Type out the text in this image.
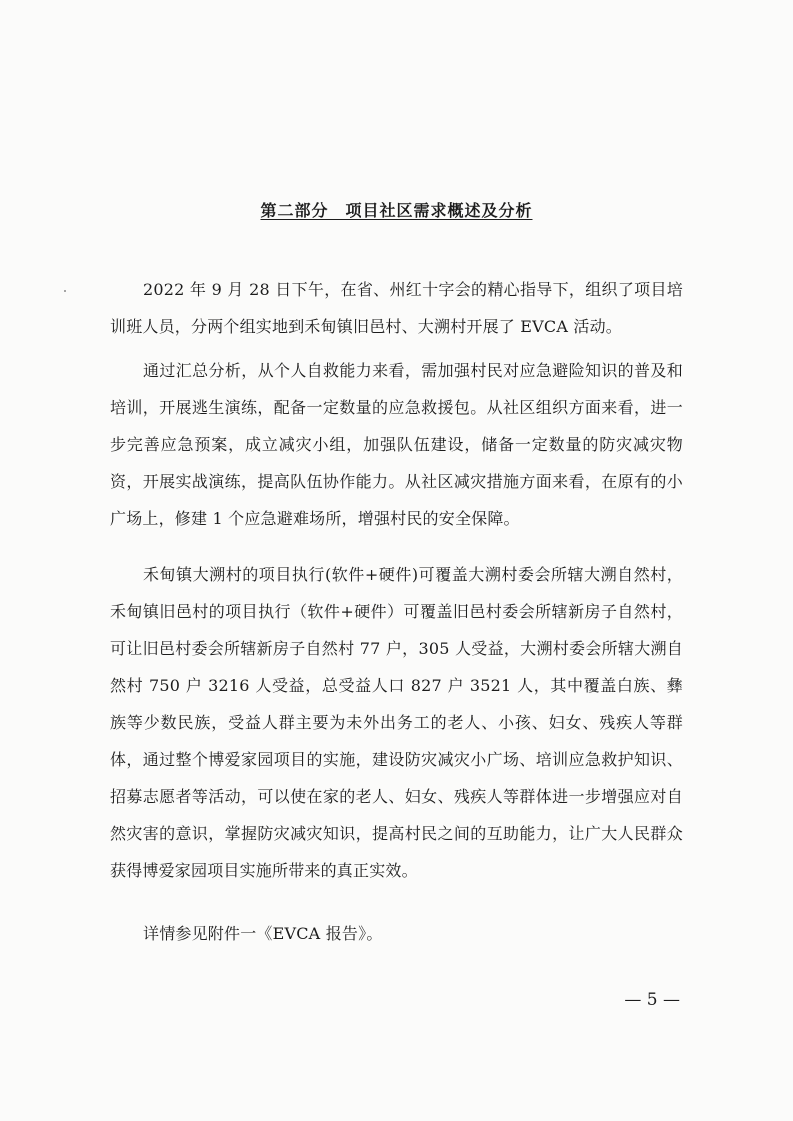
第二部分　项目社区需求概述及分析

2022 年 9 月 28 日下午，在省、州红十字会的精心指导下，组织了项目培训班人员，分两个组实地到禾甸镇旧邑村、大溯村开展了 EVCA 活动。

通过汇总分析，从个人自救能力来看，需加强村民对应急避险知识的普及和培训，开展逃生演练，配备一定数量的应急救援包。从社区组织方面来看，进一步完善应急预案，成立减灾小组，加强队伍建设，储备一定数量的防灾减灾物资，开展实战演练，提高队伍协作能力。从社区减灾措施方面来看，在原有的小广场上，修建 1 个应急避难场所，增强村民的安全保障。

禾甸镇大溯村的项目执行(软件+硬件)可覆盖大溯村委会所辖大溯自然村，禾甸镇旧邑村的项目执行（软件+硬件）可覆盖旧邑村委会所辖新房子自然村，可让旧邑村委会所辖新房子自然村 77 户，305 人受益，大溯村委会所辖大溯自然村 750 户 3216 人受益，总受益人口 827 户 3521 人，其中覆盖白族、彝族等少数民族，受益人群主要为未外出务工的老人、小孩、妇女、残疾人等群体，通过整个博爱家园项目的实施，建设防灾减灾小广场、培训应急救护知识、招募志愿者等活动，可以使在家的老人、妇女、残疾人等群体进一步增强应对自然灾害的意识，掌握防灾减灾知识，提高村民之间的互助能力，让广大人民群众获得博爱家园项目实施所带来的真正实效。

详情参见附件一《EVCA 报告》。

— 5 —
